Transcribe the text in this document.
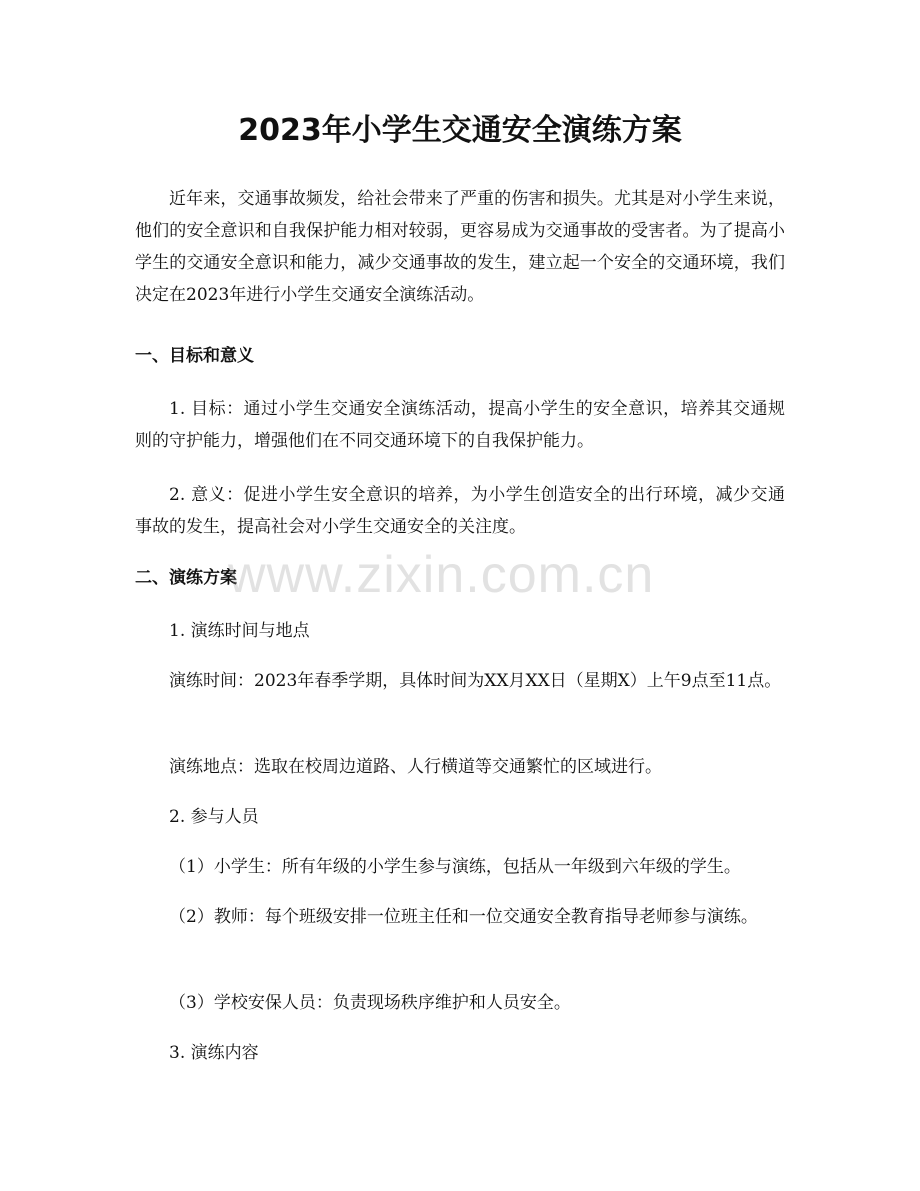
2023年小学生交通安全演练方案

近年来，交通事故频发，给社会带来了严重的伤害和损失。尤其是对小学生来说，他们的安全意识和自我保护能力相对较弱，更容易成为交通事故的受害者。为了提高小学生的交通安全意识和能力，减少交通事故的发生，建立起一个安全的交通环境，我们决定在2023年进行小学生交通安全演练活动。

一、目标和意义

1. 目标：通过小学生交通安全演练活动，提高小学生的安全意识，培养其交通规则的守护能力，增强他们在不同交通环境下的自我保护能力。

2. 意义：促进小学生安全意识的培养，为小学生创造安全的出行环境，减少交通事故的发生，提高社会对小学生交通安全的关注度。

二、演练方案

1. 演练时间与地点

演练时间：2023年春季学期，具体时间为XX月XX日（星期X）上午9点至11点。

演练地点：选取在校周边道路、人行横道等交通繁忙的区域进行。

2. 参与人员

（1）小学生：所有年级的小学生参与演练，包括从一年级到六年级的学生。

（2）教师：每个班级安排一位班主任和一位交通安全教育指导老师参与演练。

（3）学校安保人员：负责现场秩序维护和人员安全。

3. 演练内容

www.zixin.com.cn
